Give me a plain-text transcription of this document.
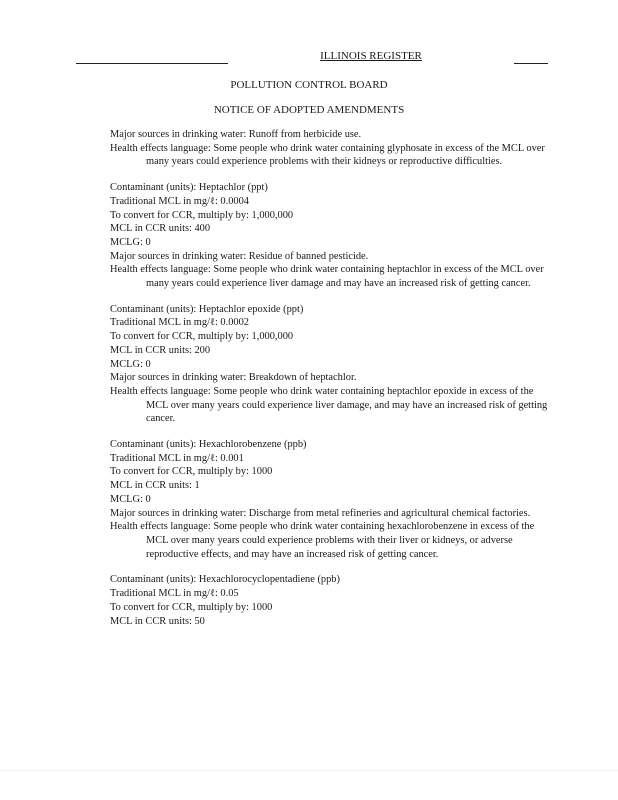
ILLINOIS REGISTER
POLLUTION CONTROL BOARD
NOTICE OF ADOPTED AMENDMENTS

Major sources in drinking water: Runoff from herbicide use.

Health effects language: Some people who drink water containing glyphosate in excess of the MCL over many years could experience problems with their kidneys or reproductive difficulties.

Contaminant (units): Heptachlor (ppt)

Traditional MCL in mg/ℓ: 0.0004

To convert for CCR, multiply by: 1,000,000

MCL in CCR units: 400

MCLG: 0

Major sources in drinking water: Residue of banned pesticide.

Health effects language: Some people who drink water containing heptachlor in excess of the MCL over many years could experience liver damage and may have an increased risk of getting cancer.

Contaminant (units): Heptachlor epoxide (ppt)

Traditional MCL in mg/ℓ: 0.0002

To convert for CCR, multiply by: 1,000,000

MCL in CCR units: 200

MCLG: 0

Major sources in drinking water: Breakdown of heptachlor.

Health effects language: Some people who drink water containing heptachlor epoxide in excess of the MCL over many years could experience liver damage, and may have an increased risk of getting cancer.

Contaminant (units): Hexachlorobenzene (ppb)

Traditional MCL in mg/ℓ: 0.001

To convert for CCR, multiply by: 1000

MCL in CCR units: 1

MCLG: 0

Major sources in drinking water: Discharge from metal refineries and agricultural chemical factories.

Health effects language: Some people who drink water containing hexachlorobenzene in excess of the MCL over many years could experience problems with their liver or kidneys, or adverse reproductive effects, and may have an increased risk of getting cancer.

Contaminant (units): Hexachlorocyclopentadiene (ppb)

Traditional MCL in mg/ℓ: 0.05

To convert for CCR, multiply by: 1000

MCL in CCR units: 50
